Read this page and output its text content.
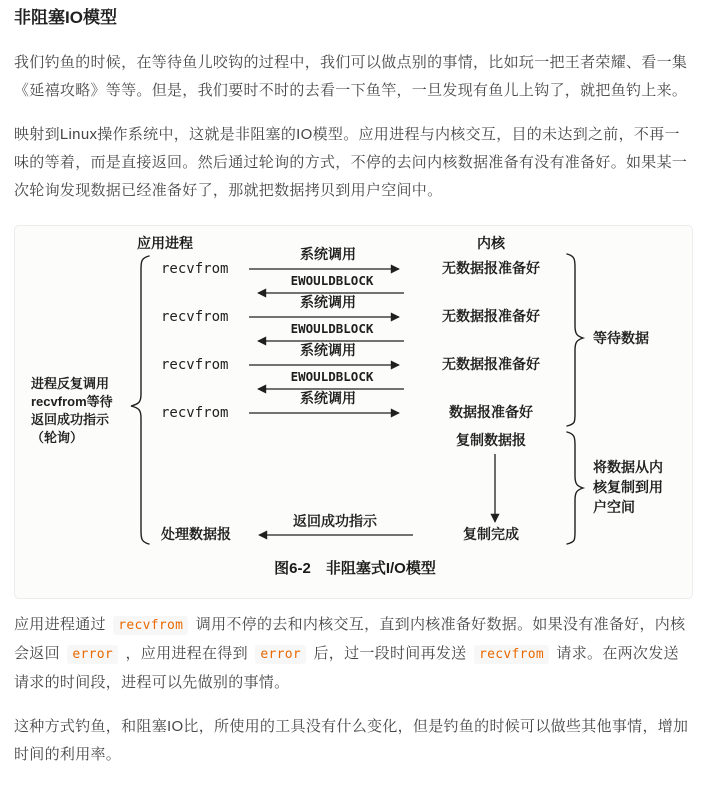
非阻塞IO模型

我们钓鱼的时候，在等待鱼儿咬钩的过程中，我们可以做点别的事情，比如玩一把王者荣耀、看一集《延禧攻略》等等。但是，我们要时不时的去看一下鱼竿，一旦发现有鱼儿上钩了，就把鱼钓上来。

映射到Linux操作系统中，这就是非阻塞的IO模型。应用进程与内核交互，目的未达到之前，不再一味的等着，而是直接返回。然后通过轮询的方式，不停的去问内核数据准备有没有准备好。如果某一次轮询发现数据已经准备好了，那就把数据拷贝到用户空间中。

应用进程	内核
recvfrom
系统调用
无数据报准备好
EWOULDBLOCK
recvfrom
系统调用
无数据报准备好
EWOULDBLOCK
recvfrom
系统调用
无数据报准备好
EWOULDBLOCK
recvfrom
系统调用
数据报准备好
复制数据报
复制完成
返回成功指示
处理数据报
进程反复调用
recvfrom等待
返回成功指示
（轮询）
等待数据
将数据从内
核复制到用
户空间
图6-2　非阻塞式I/O模型

应用进程通过 recvfrom 调用不停的去和内核交互，直到内核准备好数据。如果没有准备好，内核会返回 error ，应用进程在得到 error 后，过一段时间再发送 recvfrom 请求。在两次发送请求的时间段，进程可以先做别的事情。

这种方式钓鱼，和阻塞IO比，所使用的工具没有什么变化，但是钓鱼的时候可以做些其他事情，增加时间的利用率。
